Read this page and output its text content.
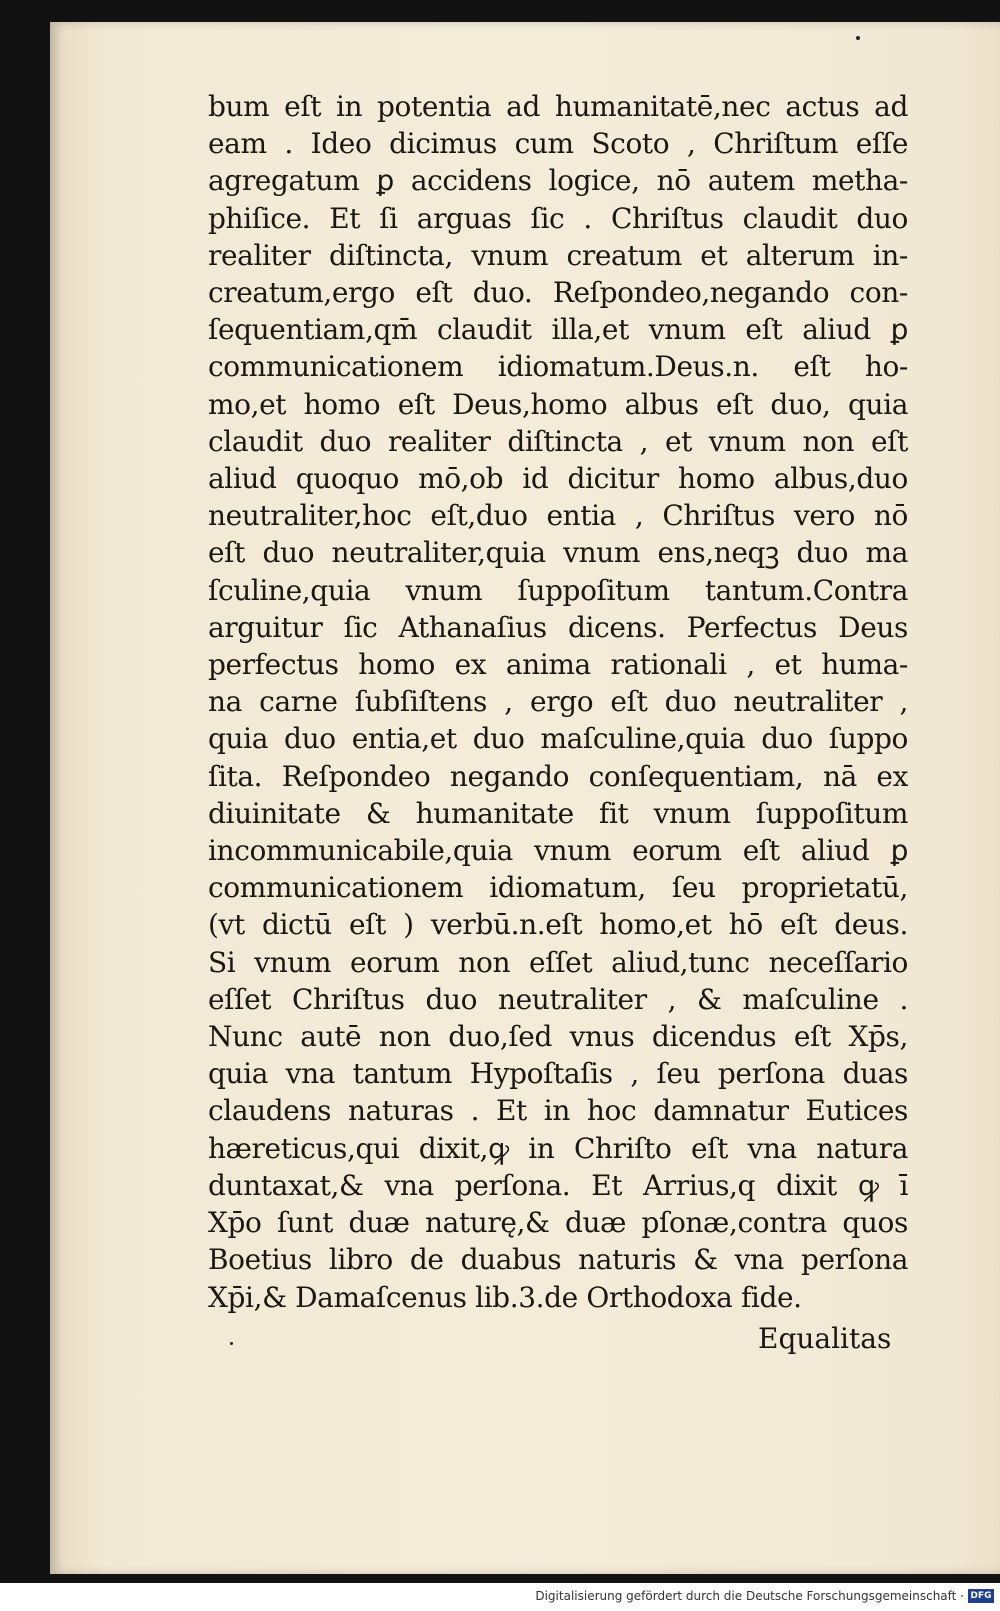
bum eſt in potentia ad humanitatē,nec actus ad
eam . Ideo dicimus cum Scoto , Chriſtum eſſe
agregatum ꝑ accidens logice, nō autem metha-
phiſice. Et ſi arguas ſic . Chriſtus claudit duo
realiter diſtincta, vnum creatum et alterum in-
creatum,ergo eſt duo. Reſpondeo,negando con-
ſequentiam,qm̄ claudit illa,et vnum eſt aliud ꝑ
communicationem idiomatum.Deus.n. eſt ho-
mo,et homo eſt Deus,homo albus eſt duo, quia
claudit duo realiter diſtincta , et vnum non eſt
aliud quoquo mō,ob id dicitur homo albus,duo
neutraliter,hoc eſt,duo entia , Chriſtus vero nō
eſt duo neutraliter,quia vnum ens,neqꝫ duo ma
ſculine,quia vnum ſuppoſitum tantum.Contra
arguitur ſic Athanaſius dicens. Perfectus Deus
perfectus homo ex anima rationali , et huma-
na carne ſubſiſtens , ergo eſt duo neutraliter ,
quia duo entia,et duo maſculine,quia duo ſuppo
ſita. Reſpondeo negando conſequentiam, nā ex
diuinitate & humanitate fit vnum ſuppoſitum
incommunicabile,quia vnum eorum eſt aliud ꝑ
communicationem idiomatum, ſeu proprietatū,
(vt dictū eſt ) verbū.n.eſt homo,et hō eſt deus.
Si vnum eorum non eſſet aliud,tunc neceſſario
eſſet Chriſtus duo neutraliter , & maſculine .
Nunc autē non duo,ſed vnus dicendus eſt Xp̄s,
quia vna tantum Hypoſtaſis , ſeu perſona duas
claudens naturas . Et in hoc damnatur Eutices
hæreticus,qui dixit,ꝙ in Chriſto eſt vna natura
duntaxat,& vna perſona. Et Arrius,q dixit ꝙ ī
Xp̄o ſunt duæ naturę,& duæ pſonæ,contra quos
Boetius libro de duabus naturis & vna perſona
Xp̄i,& Damaſcenus lib.3.de Orthodoxa fide.
Equalitas
Digitalisierung gefördert durch die Deutsche Forschungsgemeinschaft · DFG
